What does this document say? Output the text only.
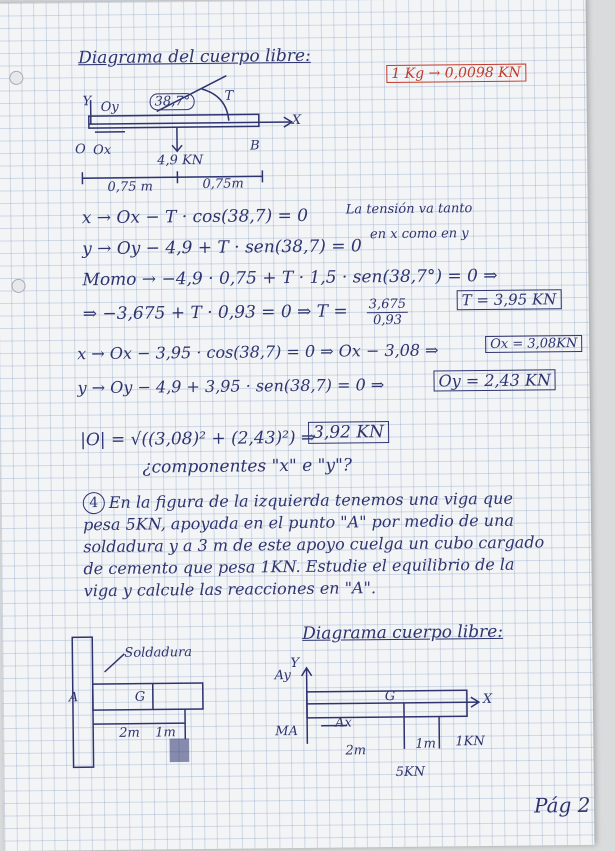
Diagrama del cuerpo libre:
1 Kg → 0,0098 KN
Y Oy	38,7°	T
X
O Ox	B
4,9 KN
0,75 m	0,75m
x → Ox − T · cos(38,7) = 0	La tensión va tanto
y → Oy − 4,9 + T · sen(38,7) = 0
en x como en y
Momo → −4,9 · 0,75 + T · 1,5 · sen(38,7°) = 0 ⇒
⇒ −3,675 + T · 0,93 = 0 ⇒ $T = \frac{3,675}{0,93}$	T = 3,95 KN
x → Ox − 3,95 · cos(38,7) = 0 ⇒ Ox − 3,08 ⇒	Ox = 3,08KN
y → Oy − 4,9 + 3,95 · sen(38,7) = 0 ⇒	Oy = 2,43 KN
|O| = √((3,08)² + (2,43)²) ⇒
3,92 KN
¿componentes "x" e "y"?
4 En la figura de la izquierda tenemos una viga que pesa 5KN, apoyada en el punto "A" por medio de una soldadura y a 3 m de este apoyo cuelga un cubo cargado de cemento que pesa 1KN. Estudie el equilibrio de la viga y calcule las reacciones en "A".
Soldadura
A	G
2m 1m
Diagrama cuerpo libre:
Ay
Y
G	X
MA
Ax
2m	1m 1KN
5KN
Pág 2
